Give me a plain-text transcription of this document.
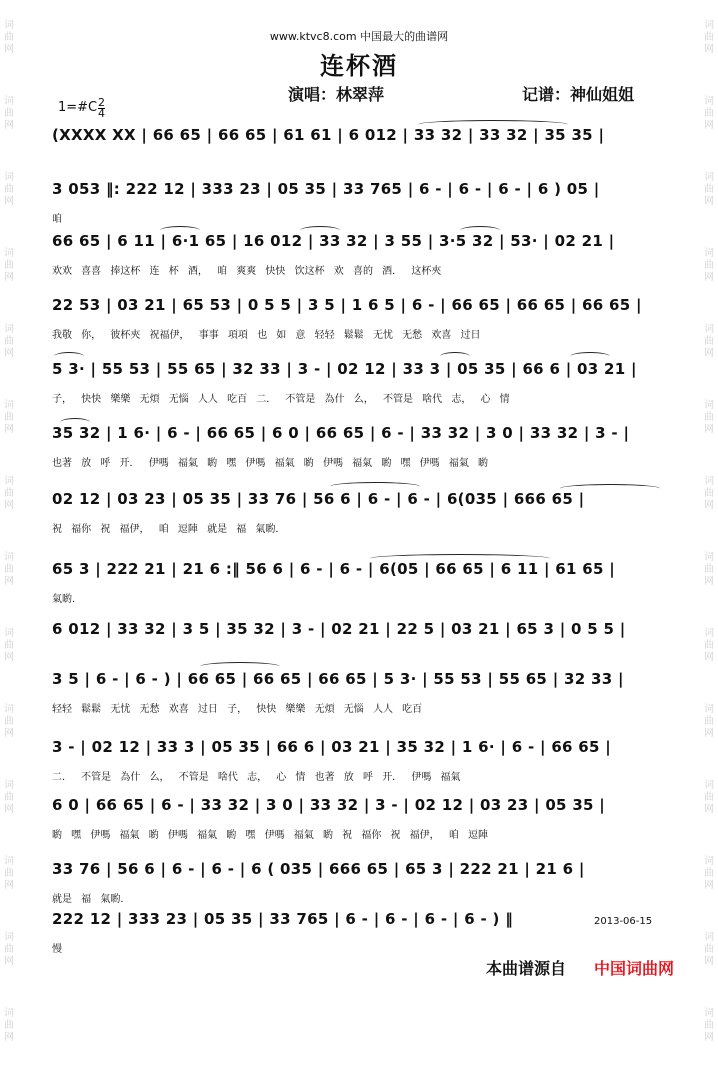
词
曲
网
词
曲
网
词
曲
网
词
曲
网
词
曲
网
词
曲
网
词
曲
网
词
曲
网
词
曲
网
词
曲
网
词
曲
网
词
曲
网
词
曲
网
词
曲
网
词
曲
网
词
曲
网
词
曲
网
词
曲
网
词
曲
网
词
曲
网
词
曲
网
词
曲
网
词
曲
网
词
曲
网
词
曲
网
词
曲
网
词
曲
网
词
曲
网
www.ktvc8.com 中国最大的曲谱网
连杯酒
演唱：林翠萍	记谱：神仙姐姐
1=#C 2
4
(XXXX XX | 66 65 | 66 65 | 61 61 | 6 012 | 33 32 | 33 32 | 35 35 |
3 053 ‖: 222 12 | 333 23 | 05 35 | 33 765 | 6 - | 6 - | 6 - | 6 ) 05 |
咱
66 65 | 6 11 | 6·1 65 | 16 012 | 33 32 | 3 55 | 3·5 32 | 53· | 02 21 |
欢欢 喜喜 捧这杯 连 杯 酒， 咱 爽爽 快快 饮这杯 欢 喜的 酒． 这杯夾
22 53 | 03 21 | 65 53 | 0 5 5 | 3 5 | 1 6 5 | 6 - | 66 65 | 66 65 | 66 65 |
我敬 你， 彼杯夾 祝福伊， 事事 項項 也 如 意 轻轻 鬆鬆 无忧 无愁 欢喜 过日
5 3· | 55 53 | 55 65 | 32 33 | 3 - | 02 12 | 33 3 | 05 35 | 66 6 | 03 21 |
子， 快快 樂樂 无煩 无惱 人人 吃百 二． 不管是 為什 么， 不管是 啥代 志， 心 情
35 32 | 1 6· | 6 - | 66 65 | 6 0 | 66 65 | 6 - | 33 32 | 3 0 | 33 32 | 3 - |
也著 放 呼 开． 伊嗎 福氣 喲 嘿 伊嗎 福氣 喲 伊嗎 福氣 喲 嘿 伊嗎 福氣 喲
02 12 | 03 23 | 05 35 | 33 76 | 56 6 | 6 - | 6 - | 6(035 | 666 65 |
祝 福你 祝 福伊， 咱 逗陣 就是 福 氣喲．
65 3 | 222 21 | 21 6 :‖ 56 6 | 6 - | 6 - | 6(05 | 66 65 | 6 11 | 61 65 |
氣喲．
6 012 | 33 32 | 3 5 | 35 32 | 3 - | 02 21 | 22 5 | 03 21 | 65 3 | 0 5 5 |
3 5 | 6 - | 6 - ) | 66 65 | 66 65 | 66 65 | 5 3· | 55 53 | 55 65 | 32 33 |
轻轻 鬆鬆 无忧 无愁 欢喜 过日 子， 快快 樂樂 无煩 无惱 人人 吃百
3 - | 02 12 | 33 3 | 05 35 | 66 6 | 03 21 | 35 32 | 1 6· | 6 - | 66 65 |
二． 不管是 為什 么， 不管是 啥代 志， 心 情 也著 放 呼 开． 伊嗎 福氣
6 0 | 66 65 | 6 - | 33 32 | 3 0 | 33 32 | 3 - | 02 12 | 03 23 | 05 35 |
喲 嘿 伊嗎 福氣 喲 伊嗎 福氣 喲 嘿 伊嗎 福氣 喲 祝 福你 祝 福伊， 咱 逗陣
33 76 | 56 6 | 6 - | 6 - | 6 ( 035 | 666 65 | 65 3 | 222 21 | 21 6 |
就是 福 氣喲．
222 12 | 333 23 | 05 35 | 33 765 | 6 - | 6 - | 6 - | 6 - ) ‖
慢
2013-06-15
本曲谱源自 中国词曲网
